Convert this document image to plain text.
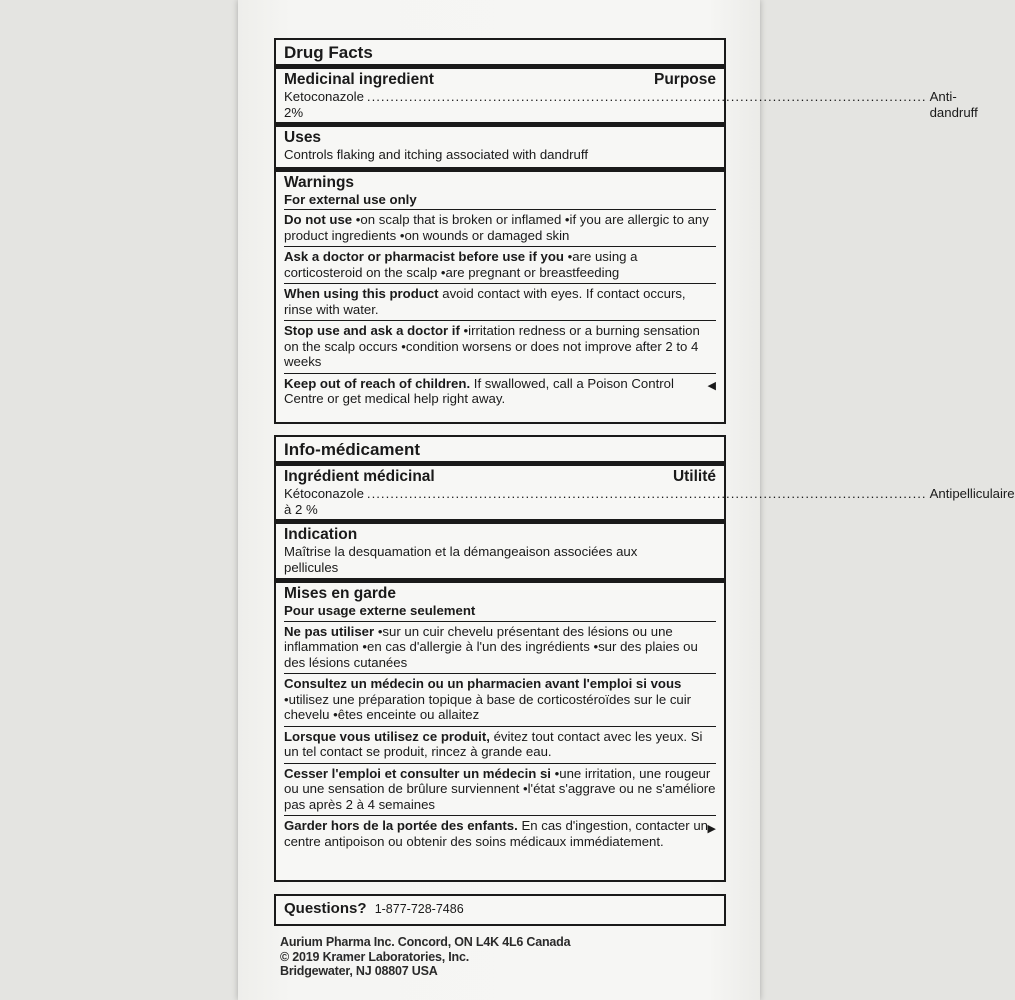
Drug Facts
Medicinal ingredient	Purpose
Ketoconazole 2%
........................................................................................................................ Anti-dandruff
Uses
Controls flaking and itching associated with dandruff
Warnings
For external use only
Do not use •on scalp that is broken or inflamed •if you are allergic to any product ingredients •on wounds or damaged skin
Ask a doctor or pharmacist before use if you •are using a corticosteroid on the scalp •are pregnant or breastfeeding
When using this product avoid contact with eyes. If contact occurs, rinse with water.
Stop use and ask a doctor if •irritation redness or a burning sensation on the scalp occurs •condition worsens or does not improve after 2 to 4 weeks
◀
Keep out of reach of children. If swallowed, call a Poison Control Centre or get medical help right away.
Info-médicament
Ingrédient médicinal	Utilité
Kétoconazole à 2 %
........................................................................................................................ Antipelliculaire
Indication
Maîtrise la desquamation et la démangeaison associées aux pellicules
Mises en garde
Pour usage externe seulement
Ne pas utiliser •sur un cuir chevelu présentant des lésions ou une inflammation •en cas d'allergie à l'un des ingrédients •sur des plaies ou des lésions cutanées
Consultez un médecin ou un pharmacien avant l'emploi si vous •utilisez une préparation topique à base de corticostéroïdes sur le cuir chevelu •êtes enceinte ou allaitez
Lorsque vous utilisez ce produit, évitez tout contact avec les yeux. Si un tel contact se produit, rincez à grande eau.
Cesser l'emploi et consulter un médecin si •une irritation, une rougeur ou une sensation de brûlure surviennent •l'état s'aggrave ou ne s'améliore pas après 2 à 4 semaines
Garder hors de la portée des enfants. En cas d'ingestion, contacter un centre antipoison ou obtenir des soins médicaux immédiatement.
▶
Questions? 1-877-728-7486
Aurium Pharma Inc. Concord, ON L4K 4L6 Canada
© 2019 Kramer Laboratories, Inc.
Bridgewater, NJ 08807 USA
